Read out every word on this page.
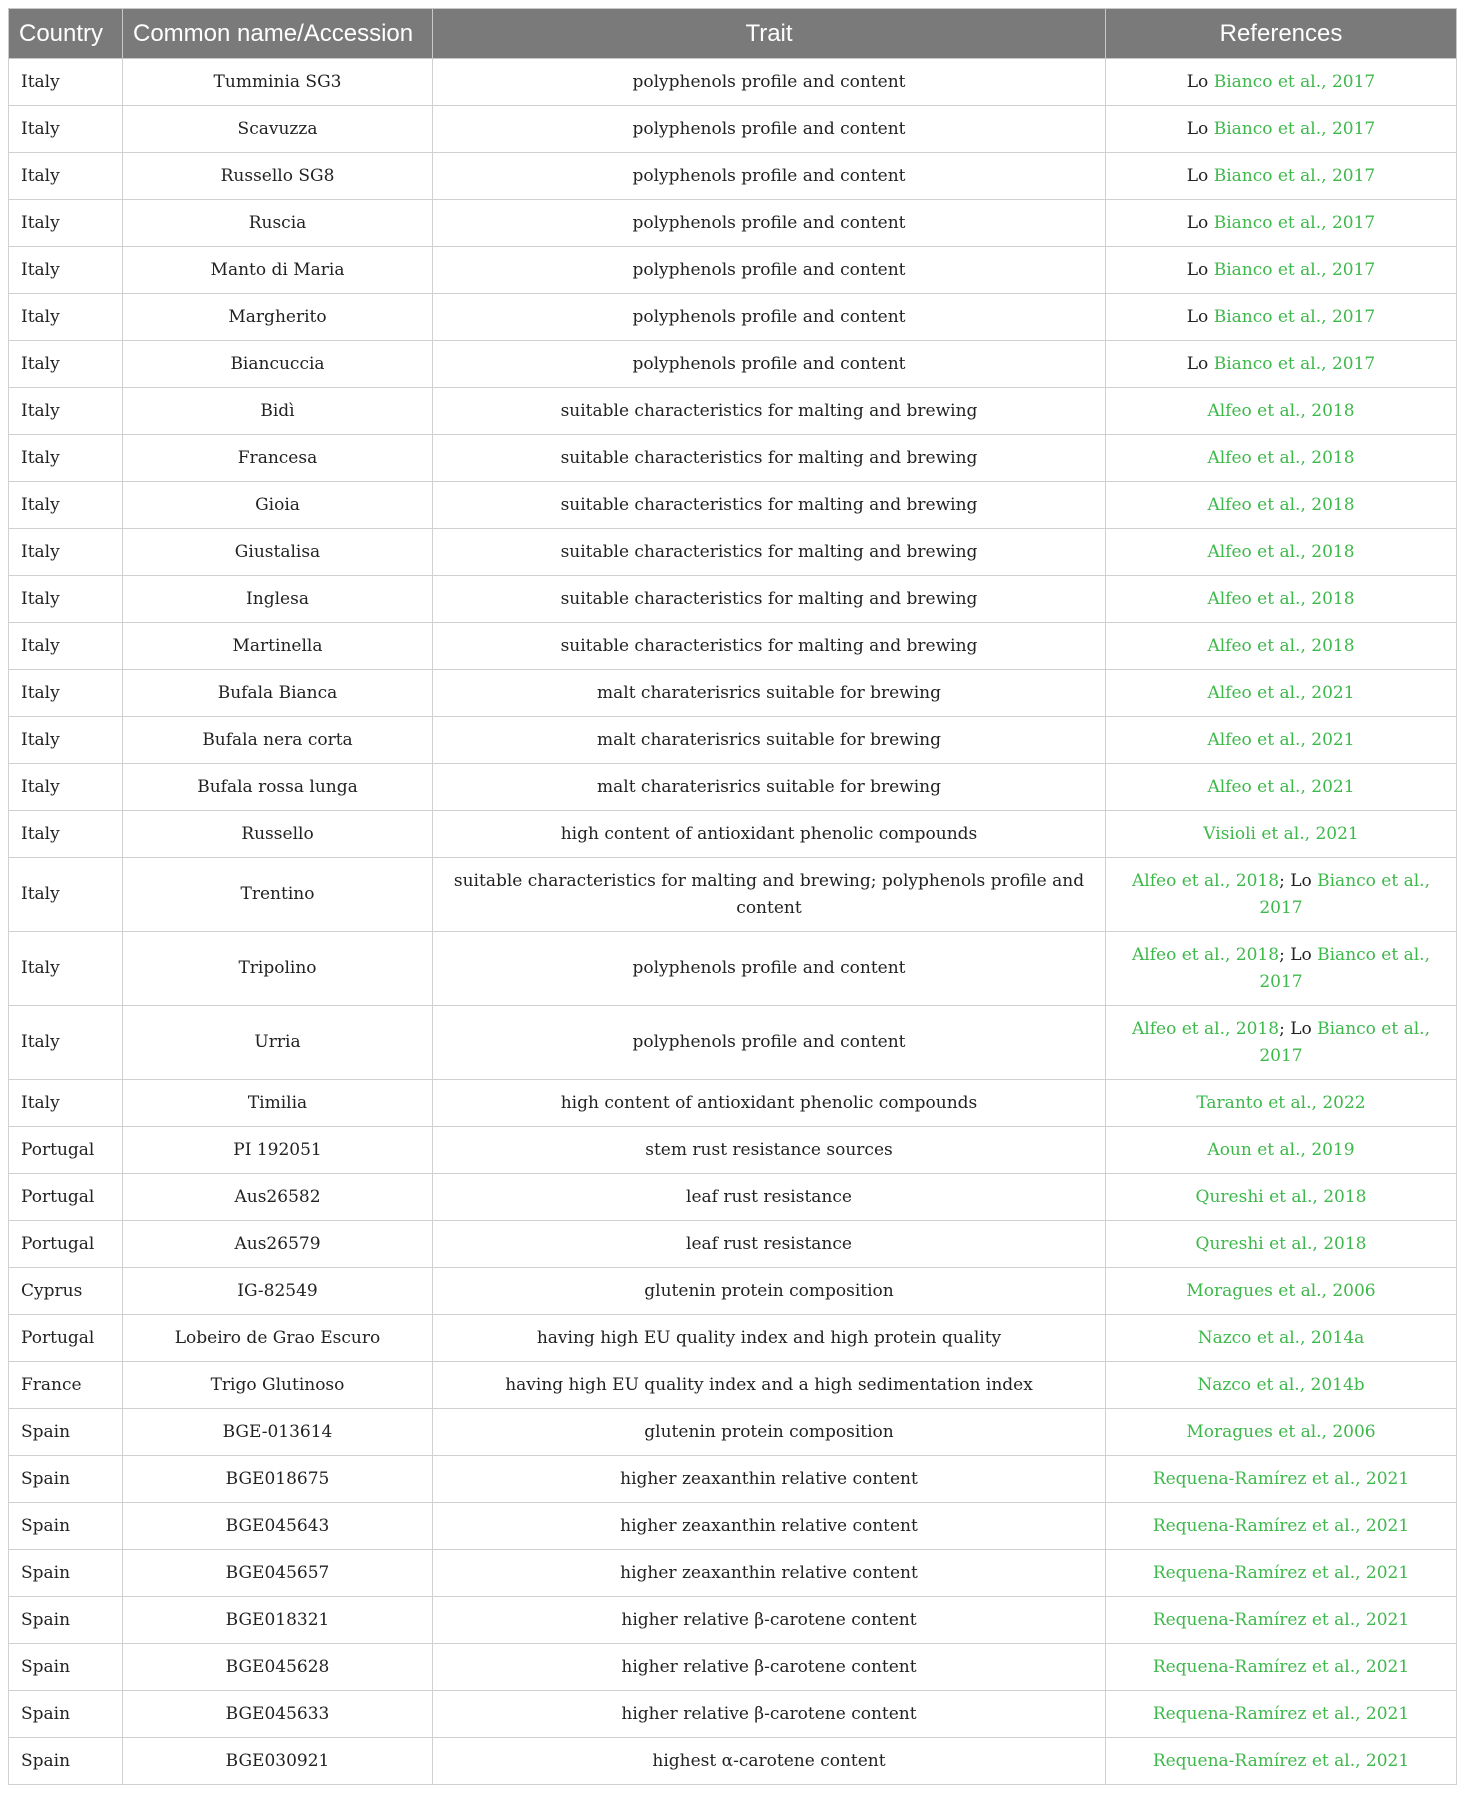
Country	Common name/Accession	Trait	References
Italy	Tumminia SG3	polyphenols profile and content	Lo Bianco et al., 2017
Italy	Scavuzza	polyphenols profile and content	Lo Bianco et al., 2017
Italy	Russello SG8	polyphenols profile and content	Lo Bianco et al., 2017
Italy	Ruscia	polyphenols profile and content	Lo Bianco et al., 2017
Italy	Manto di Maria	polyphenols profile and content	Lo Bianco et al., 2017
Italy	Margherito	polyphenols profile and content	Lo Bianco et al., 2017
Italy	Biancuccia	polyphenols profile and content	Lo Bianco et al., 2017
Italy	Bidì	suitable characteristics for malting and brewing	Alfeo et al., 2018
Italy	Francesa	suitable characteristics for malting and brewing	Alfeo et al., 2018
Italy	Gioia	suitable characteristics for malting and brewing	Alfeo et al., 2018
Italy	Giustalisa	suitable characteristics for malting and brewing	Alfeo et al., 2018
Italy	Inglesa	suitable characteristics for malting and brewing	Alfeo et al., 2018
Italy	Martinella	suitable characteristics for malting and brewing	Alfeo et al., 2018
Italy	Bufala Bianca	malt charaterisrics suitable for brewing	Alfeo et al., 2021
Italy	Bufala nera corta	malt charaterisrics suitable for brewing	Alfeo et al., 2021
Italy	Bufala rossa lunga	malt charaterisrics suitable for brewing	Alfeo et al., 2021
Italy	Russello	high content of antioxidant phenolic compounds	Visioli et al., 2021
Italy	Trentino	suitable characteristics for malting and brewing; polyphenols profile and content	Alfeo et al., 2018; Lo Bianco et al., 2017
Italy	Tripolino	polyphenols profile and content	Alfeo et al., 2018; Lo Bianco et al., 2017
Italy	Urria	polyphenols profile and content	Alfeo et al., 2018; Lo Bianco et al., 2017
Italy	Timilia	high content of antioxidant phenolic compounds	Taranto et al., 2022
Portugal	PI 192051	stem rust resistance sources	Aoun et al., 2019
Portugal	Aus26582	leaf rust resistance	Qureshi et al., 2018
Portugal	Aus26579	leaf rust resistance	Qureshi et al., 2018
Cyprus	IG-82549	glutenin protein composition	Moragues et al., 2006
Portugal	Lobeiro de Grao Escuro	having high EU quality index and high protein quality	Nazco et al., 2014a
France	Trigo Glutinoso	having high EU quality index and a high sedimentation index	Nazco et al., 2014b
Spain	BGE-013614	glutenin protein composition	Moragues et al., 2006
Spain	BGE018675	higher zeaxanthin relative content	Requena-Ramírez et al., 2021
Spain	BGE045643	higher zeaxanthin relative content	Requena-Ramírez et al., 2021
Spain	BGE045657	higher zeaxanthin relative content	Requena-Ramírez et al., 2021
Spain	BGE018321	higher relative β-carotene content	Requena-Ramírez et al., 2021
Spain	BGE045628	higher relative β-carotene content	Requena-Ramírez et al., 2021
Spain	BGE045633	higher relative β-carotene content	Requena-Ramírez et al., 2021
Spain	BGE030921	highest α-carotene content	Requena-Ramírez et al., 2021
